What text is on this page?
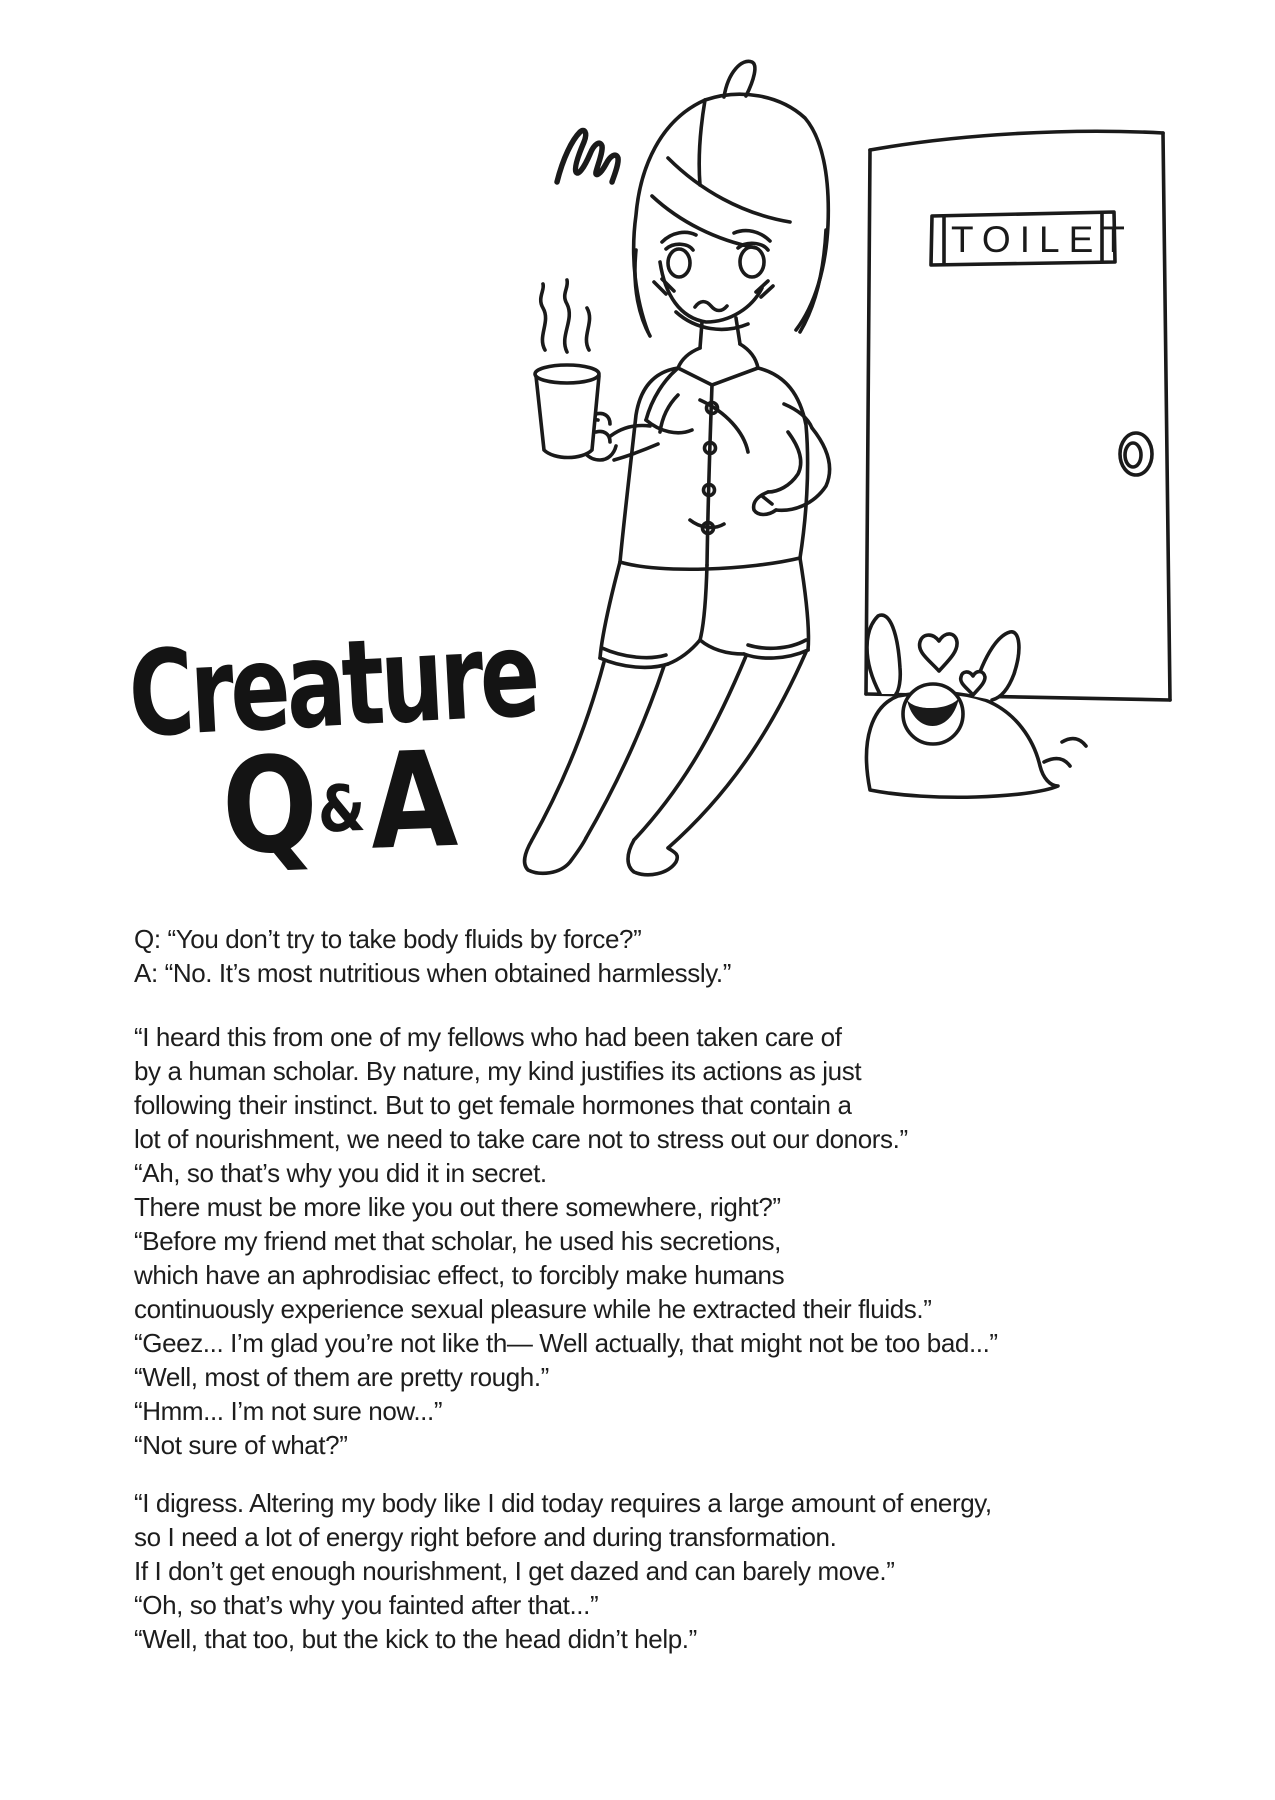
TOILET
Creature
Q&A
Q: “You don’t try to take body fluids by force?”
A: “No. It’s most nutritious when obtained harmlessly.”
“I heard this from one of my fellows who had been taken care of
by a human scholar. By nature, my kind justifies its actions as just
following their instinct. But to get female hormones that contain a
lot of nourishment, we need to take care not to stress out our donors.”
“Ah, so that’s why you did it in secret.
There must be more like you out there somewhere, right?”
“Before my friend met that scholar, he used his secretions,
which have an aphrodisiac effect, to forcibly make humans
continuously experience sexual pleasure while he extracted their fluids.”
“Geez... I’m glad you’re not like th— Well actually, that might not be too bad...”
“Well, most of them are pretty rough.”
“Hmm... I’m not sure now...”
“Not sure of what?”
“I digress. Altering my body like I did today requires a large amount of energy,
so I need a lot of energy right before and during transformation.
If I don’t get enough nourishment, I get dazed and can barely move.”
“Oh, so that’s why you fainted after that...”
“Well, that too, but the kick to the head didn’t help.”
